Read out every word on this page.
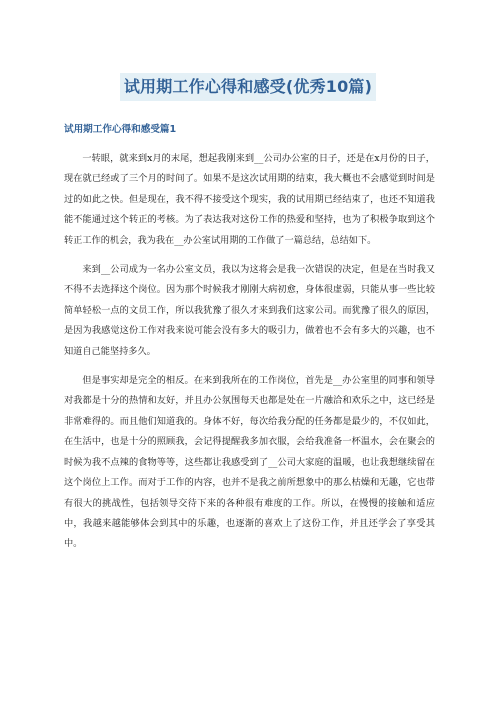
试用期工作心得和感受(优秀10篇)
试用期工作心得和感受篇1

一转眼，就来到x月的末尾，想起我刚来到__公司办公室的日子，还是在x月份的日子，现在就已经或了三个月的时间了。如果不是这次试用期的结束，我大概也不会感觉到时间是过的如此之快。但是现在，我不得不接受这个现实，我的试用期已经结束了，也还不知道我能不能通过这个转正的考核。为了表达我对这份工作的热爱和坚持，也为了积极争取到这个转正工作的机会，我为我在__办公室试用期的工作做了一篇总结，总结如下。

来到__公司成为一名办公室文员，我以为这将会是我一次错误的决定，但是在当时我又不得不去选择这个岗位。因为那个时候我才刚刚大病初愈，身体很虚弱，只能从事一些比较简单轻松一点的文员工作，所以我犹豫了很久才来到我们这家公司。而犹豫了很久的原因，是因为我感觉这份工作对我来说可能会没有多大的吸引力，做着也不会有多大的兴趣，也不知道自己能坚持多久。

但是事实却是完全的相反。在来到我所在的工作岗位，首先是__办公室里的同事和领导对我都是十分的热情和友好，并且办公氛围每天也都是处在一片融洽和欢乐之中，这已经是非常难得的。而且他们知道我的。身体不好，每次给我分配的任务都是最少的，不仅如此，在生活中，也是十分的照顾我，会记得提醒我多加衣服，会给我准备一杯温水，会在聚会的时候为我不点辣的食物等等，这些都让我感受到了__公司大家庭的温暖，也让我想继续留在这个岗位上工作。而对于工作的内容，也并不是我之前所想象中的那么枯燥和无趣，它也带有很大的挑战性，包括领导交待下来的各种很有难度的工作。所以，在慢慢的接触和适应中，我越来越能够体会到其中的乐趣，也逐渐的喜欢上了这份工作，并且还学会了享受其中。
